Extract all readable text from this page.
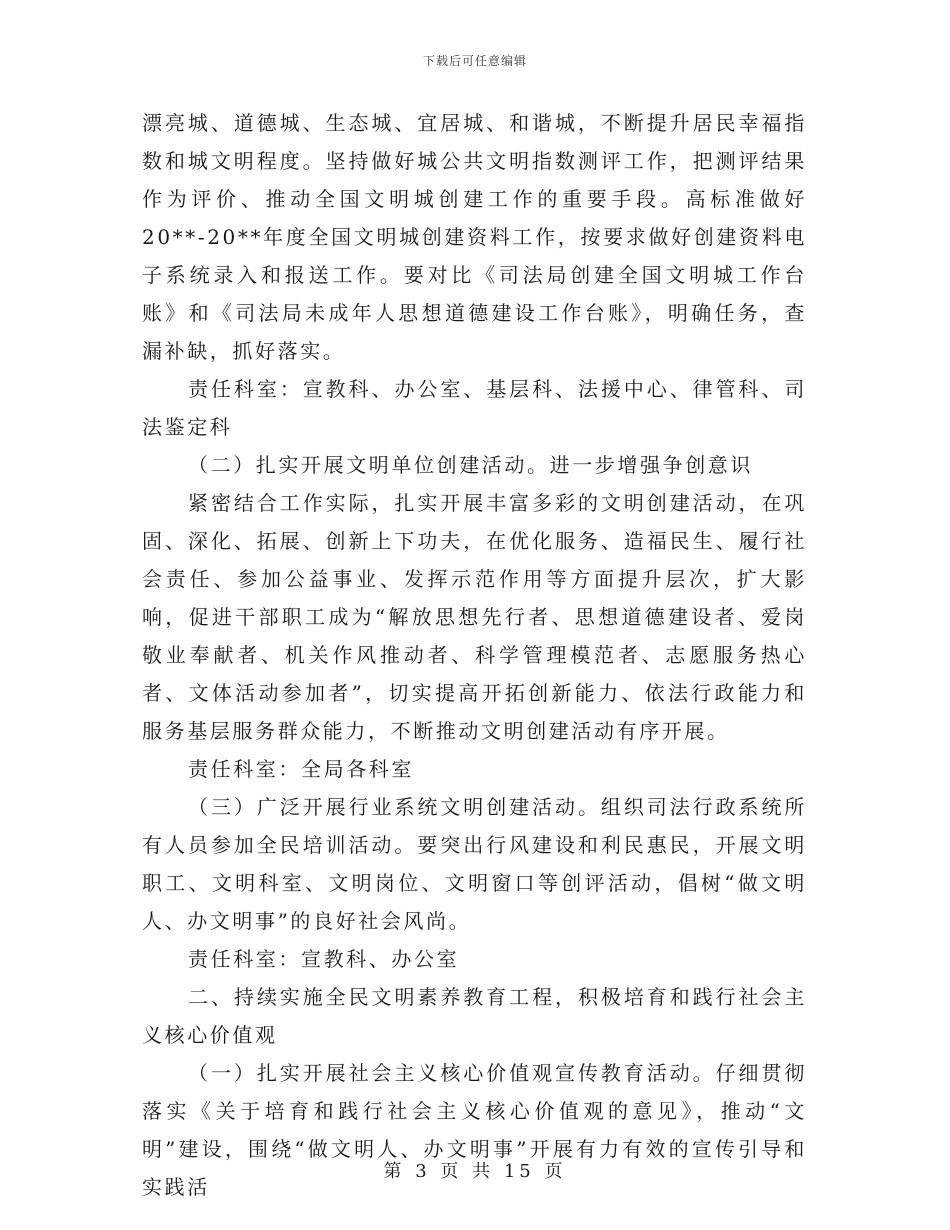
下载后可任意编辑

漂亮城、道德城、生态城、宜居城、和谐城，不断提升居民幸福指数和城文明程度。坚持做好城公共文明指数测评工作，把测评结果作为评价、推动全国文明城创建工作的重要手段。高标准做好20**-20**年度全国文明城创建资料工作，按要求做好创建资料电子系统录入和报送工作。要对比《司法局创建全国文明城工作台账》和《司法局未成年人思想道德建设工作台账》，明确任务，查漏补缺，抓好落实。

责任科室：宣教科、办公室、基层科、法援中心、律管科、司法鉴定科

（二）扎实开展文明单位创建活动。进一步增强争创意识

紧密结合工作实际，扎实开展丰富多彩的文明创建活动，在巩固、深化、拓展、创新上下功夫，在优化服务、造福民生、履行社会责任、参加公益事业、发挥示范作用等方面提升层次，扩大影响，促进干部职工成为“解放思想先行者、思想道德建设者、爱岗敬业奉献者、机关作风推动者、科学管理模范者、志愿服务热心者、文体活动参加者”，切实提高开拓创新能力、依法行政能力和服务基层服务群众能力，不断推动文明创建活动有序开展。

责任科室：全局各科室

（三）广泛开展行业系统文明创建活动。组织司法行政系统所有人员参加全民培训活动。要突出行风建设和利民惠民，开展文明职工、文明科室、文明岗位、文明窗口等创评活动，倡树“做文明人、办文明事”的良好社会风尚。

责任科室：宣教科、办公室

二、持续实施全民文明素养教育工程，积极培育和践行社会主义核心价值观

（一）扎实开展社会主义核心价值观宣传教育活动。仔细贯彻落实《关于培育和践行社会主义核心价值观的意见》，推动“文明”建设，围绕“做文明人、办文明事”开展有力有效的宣传引导和实践活

第 3 页 共 15 页
